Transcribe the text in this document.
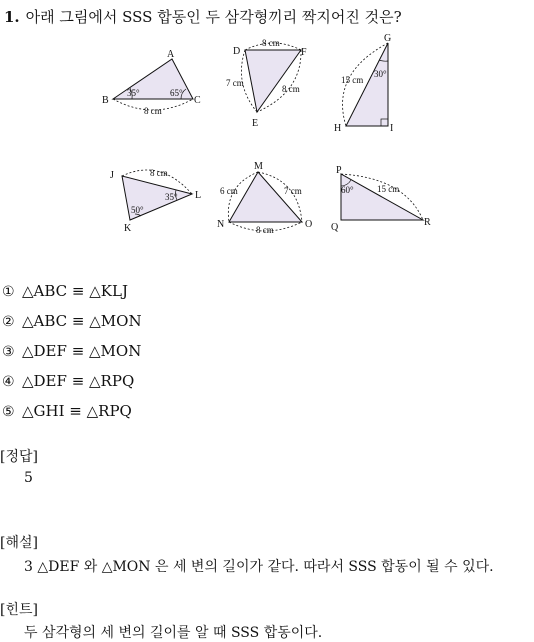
1. 아래 그림에서 SSS 합동인 두 삼각형끼리 짝지어진 것은?
A
B	C
35°	65°
8 cm
D
E
F
8 cm
7 cm
8 cm
G
H	I
15 cm
30°
J
K
L
8 cm
35°
50°
M
N	O
6 cm	7 cm
8 cm
P
Q	R
60°	15 cm
① △ABC ≡ △KLJ
② △ABC ≡ △MON
③ △DEF ≡ △MON
④ △DEF ≡ △RPQ
⑤ △GHI ≡ △RPQ
[정답]
5
[해설]
3 △DEF 와 △MON 은 세 변의 길이가 같다. 따라서 SSS 합동이 될 수 있다.
[힌트]
두 삼각형의 세 변의 길이를 알 때 SSS 합동이다.
